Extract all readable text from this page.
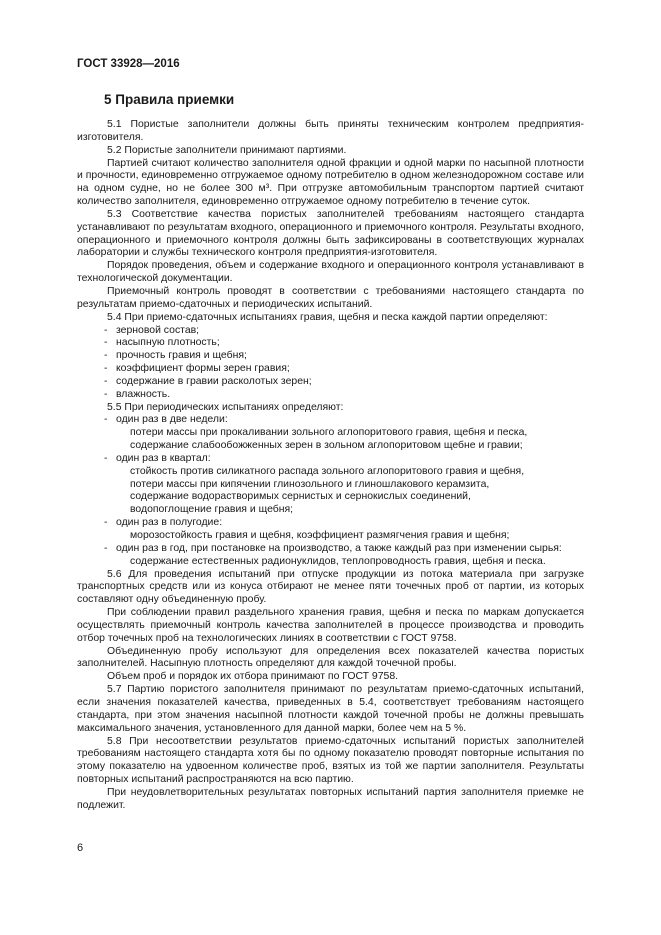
ГОСТ 33928—2016
5 Правила приемки

5.1 Пористые заполнители должны быть приняты техническим контролем предприятия-изготовителя.

5.2 Пористые заполнители принимают партиями.

Партией считают количество заполнителя одной фракции и одной марки по насыпной плотности и прочности, единовременно отгружаемое одному потребителю в одном железнодорожном составе или на одном судне, но не более 300 м³. При отгрузке автомобильным транспортом партией считают количество заполнителя, единовременно отгружаемое одному потребителю в течение суток.

5.3 Соответствие качества пористых заполнителей требованиям настоящего стандарта устанавливают по результатам входного, операционного и приемочного контроля. Результаты входного, операционного и приемочного контроля должны быть зафиксированы в соответствующих журналах лаборатории и службы технического контроля предприятия-изготовителя.

Порядок проведения, объем и содержание входного и операционного контроля устанавливают в технологической документации.

Приемочный контроль проводят в соответствии с требованиями настоящего стандарта по результатам приемо-сдаточных и периодических испытаний.

5.4 При приемо-сдаточных испытаниях гравия, щебня и песка каждой партии определяют:

- зерновой состав;

- насыпную плотность;

- прочность гравия и щебня;

- коэффициент формы зерен гравия;

- содержание в гравии расколотых зерен;

- влажность.

5.5 При периодических испытаниях определяют:

- один раз в две недели:

потери массы при прокаливании зольного аглопоритового гравия, щебня и песка,

содержание слабообожженных зерен в зольном аглопоритовом щебне и гравии;

- один раз в квартал:

стойкость против силикатного распада зольного аглопоритового гравия и щебня,

потери массы при кипячении глинозольного и глиношлакового керамзита,

содержание водорастворимых сернистых и сернокислых соединений,

водопоглощение гравия и щебня;

- один раз в полугодие:

морозостойкость гравия и щебня, коэффициент размягчения гравия и щебня;

- один раз в год, при постановке на производство, а также каждый раз при изменении сырья:

содержание естественных радионуклидов, теплопроводность гравия, щебня и песка.

5.6 Для проведения испытаний при отпуске продукции из потока материала при загрузке транспортных средств или из конуса отбирают не менее пяти точечных проб от партии, из которых составляют одну объединенную пробу.

При соблюдении правил раздельного хранения гравия, щебня и песка по маркам допускается осуществлять приемочный контроль качества заполнителей в процессе производства и проводить отбор точечных проб на технологических линиях в соответствии с ГОСТ 9758.

Объединенную пробу используют для определения всех показателей качества пористых заполнителей. Насыпную плотность определяют для каждой точечной пробы.

Объем проб и порядок их отбора принимают по ГОСТ 9758.

5.7 Партию пористого заполнителя принимают по результатам приемо-сдаточных испытаний, если значения показателей качества, приведенных в 5.4, соответствует требованиям настоящего стандарта, при этом значения насыпной плотности каждой точечной пробы не должны превышать максимального значения, установленного для данной марки, более чем на 5 %.

5.8 При несоответствии результатов приемо-сдаточных испытаний пористых заполнителей требованиям настоящего стандарта хотя бы по одному показателю проводят повторные испытания по этому показателю на удвоенном количестве проб, взятых из той же партии заполнителя. Результаты повторных испытаний распространяются на всю партию.

При неудовлетворительных результатах повторных испытаний партия заполнителя приемке не подлежит.

6
